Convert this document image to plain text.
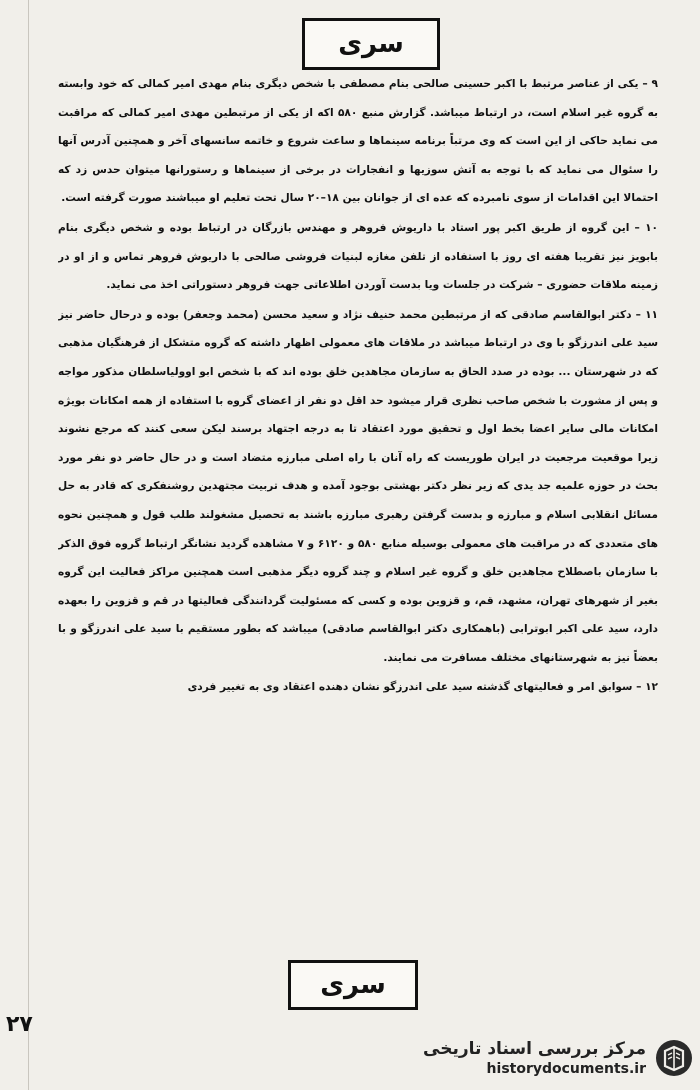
سری

۹ – یکی از عناصر مرتبط با اکبر حسینی صالحی بنام مصطفی با شخص دیگری بنام مهدی امیر کمالی که خود وابسته به گروه غیر اسلام است، در ارتباط میباشد. گزارش منبع ۵۸۰ اکه از یکی از مرتبطین مهدی امیر کمالی که مراقبت می نماید حاکی از این است که وی مرتباً برنامه سینماها و ساعت شروع و خاتمه سانسهای آخر و همچنین آدرس آنها را سئوال می نماید که با توجه به آتش سوزیها و انفجارات در برخی از سینماها و رستورانها میتوان حدس زد که احتمالا این اقدامات از سوی نامبرده که عده ای از جوانان بین ۱۸–۲۰ سال تحت تعلیم او میباشند صورت گرفته است.

۱۰ – این گروه از طریق اکبر پور استاد با داریوش فروهر و مهندس بازرگان در ارتباط بوده و شخص دیگری بنام بابویز نیز تقریبا هفته ای روز با استفاده از تلفن مغازه لبنیات فروشی صالحی با داریوش فروهر تماس و از او در زمینه ملاقات حضوری – شرکت در جلسات ویا بدست آوردن اطلاعاتی جهت فروهر دستوراتی اخذ می نماید.

۱۱ – دکتر ابوالقاسم صادقی که از مرتبطین محمد حنیف نژاد و سعید محسن (محمد وجعفر) بوده و درحال حاضر نیز سید علی اندرزگو با وی در ارتباط میباشد در ملاقات های معمولی اظهار داشته که گروه متشکل از فرهنگیان مذهبی که در شهرستان ... بوده در صدد الحاق به سازمان مجاهدین خلق بوده اند که با شخص ابو اوولیاسلطان مذکور مواجه و پس از مشورت با شخص صاحب نظری قرار میشود حد اقل دو نفر از اعضای گروه با استفاده از همه امکانات بویژه امکانات مالی سایر اعضا بخط اول و تحقیق مورد اعتقاد تا به درجه اجتهاد برسند لیکن سعی کنند که مرجع نشوند زیرا موقعیت مرجعیت در ایران طوریست که راه آنان با راه اصلی مبارزه متضاد است و در حال حاضر دو نفر مورد بحث در حوزه علمیه جد یدی که زیر نظر دکتر بهشتی بوجود آمده و هدف تربیت مجتهدین روشنفکری که قادر به حل مسائل انقلابی اسلام و مبارزه و بدست گرفتن رهبری مبارزه باشند به تحصیل مشغولند طلب قول و همچنین نحوه های متعددی که در مراقبت های معمولی بوسیله منابع ۵۸۰ و ۶۱۲۰ و ۷ مشاهده گردید نشانگر ارتباط گروه فوق الذکر با سازمان باصطلاح مجاهدین خلق و گروه غیر اسلام و چند گروه دیگر مذهبی است همچنین مراکز فعالیت این گروه بغیر از شهرهای تهران، مشهد، قم، و قزوین بوده و کسی که مسئولیت گردانندگی فعالیتها در قم و قزوین را بعهده دارد، سید علی اکبر ابوترابی (باهمکاری دکتر ابوالقاسم صادقی) میباشد که بطور مستقیم با سید علی اندرزگو و با بعضاً نیز به شهرستانهای مختلف مسافرت می نمایند.

۱۲ – سوابق امر و فعالیتهای گذشته سید علی اندرزگو نشان دهنده اعتقاد وی به تغییر فردی

سری
۲۷
مرکز بررسی اسناد تاریخی
historydocuments.ir
